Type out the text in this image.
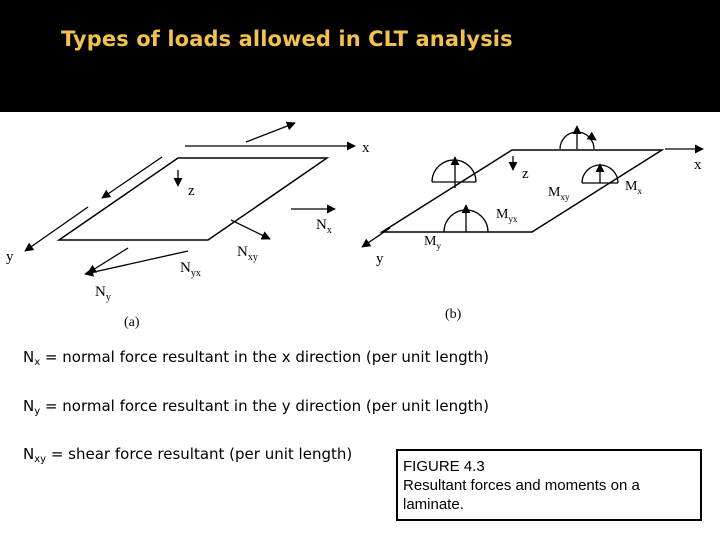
Types of loads allowed in CLT analysis
x
y
z
$N_x$
$N_{xy}$
$N_{yx}$
$N_y$
(a)
x
y
z
$M_{xy}$
$M_x$
$M_{yx}$
$M_y$
(b)
$N_x$ = normal force resultant in the x direction (per unit length)
$N_y$ = normal force resultant in the y direction (per unit length)
$N_{xy}$ = shear force resultant (per unit length)
FIGURE 4.3
Resultant forces and moments on a
laminate.
